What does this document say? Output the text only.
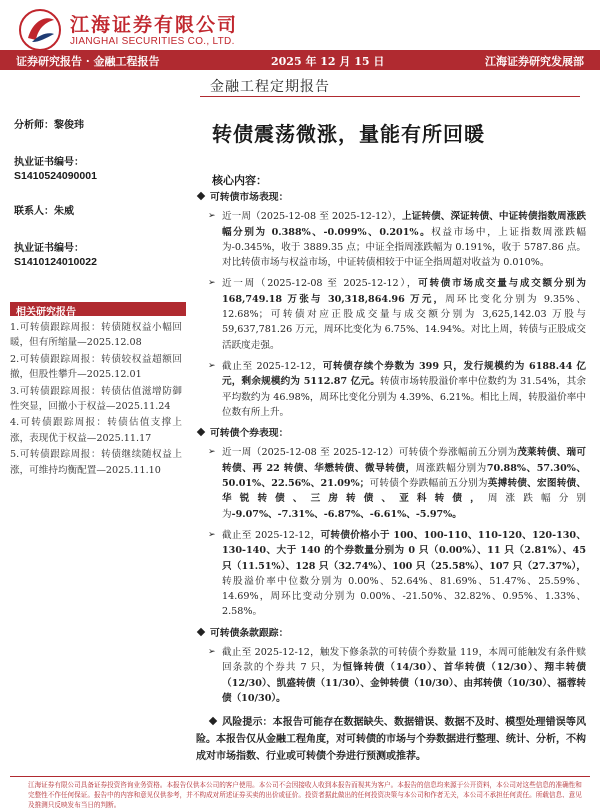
江海证券有限公司
JIANGHAI SECURITIES CO., LTD.
证券研究报告 · 金融工程报告	2025 年 12 月 15 日	江海证券研究发展部
金融工程定期报告
分析师：黎俊玮
执业证书编号：
S1410524090001
联系人：朱威
执业证书编号：
S1410124010022
相关研究报告
1.可转债跟踪周报：转债随权益小幅回暖，但有所缩量—2025.12.08
2.可转债跟踪周报：转债较权益超额回撤，但股性攀升—2025.12.01
3.可转债跟踪周报：转债估值滋增防御性突显，回撤小于权益—2025.11.24
4.可转债跟踪周报：转债估值支撑上涨，表现优于权益—2025.11.17
5.可转债跟踪周报：转债继续随权益上涨，可维持均衡配置—2025.11.10
转债震荡微涨，量能有所回暖
核心内容：
可转债市场表现：
➢ 近一周（2025-12-08 至 2025-12-12），上证转债、深证转债、中证转债指数周涨跌幅分别为 0.388%、-0.099%、0.201%。权益市场中，上证指数周涨跌幅为-0.345%，收于 3889.35 点；中证全指周涨跌幅为 0.191%，收于 5787.86 点。对比转债市场与权益市场，中证转债相较于中证全指周超对收益为 0.010%。
➢ 近一周（2025-12-08 至 2025-12-12），可转债市场成交量与成交额分别为 168,749.18 万张与 30,318,864.96 万元，周环比变化分别为 9.35%、12.68%；可转债对应正股成交量与成交额分别为 3,625,142.03 万股与 59,637,781.26 万元，周环比变化为 6.75%、14.94%。对比上周，转债与正股成交活跃度走强。
➢ 截止至 2025-12-12，可转债存续个券数为 399 只，发行规模约为 6188.44 亿元，剩余规模约为 5112.87 亿元。转债市场转股溢价率中位数约为 31.54%，其余平均数约为 46.98%，周环比变化分别为 4.39%、6.21%。相比上周，转股溢价率中位数有所上升。
可转债个券表现：
➢ 近一周（2025-12-08 至 2025-12-12）可转债个券涨幅前五分别为茂莱转债、瑞可转债、再 22 转债、华懋转债、微导转债，周涨跌幅分别为70.88%、57.30%、50.01%、22.56%、21.09%；可转债个券跌幅前五分别为英搏转债、宏图转债、华锐转债、三房转债、亚科转债，周涨跌幅分别为-9.07%、-7.31%、-6.87%、-6.61%、-5.97%。
➢ 截止至 2025-12-12，可转债价格小于 100、100-110、110-120、120-130、130-140、大于 140 的个券数量分别为 0 只（0.00%）、11 只（2.81%）、45 只（11.51%）、128 只（32.74%）、100 只（25.58%）、107 只（27.37%），转股溢价率中位数分别为 0.00%、52.64%、81.69%、51.47%、25.59%、14.69%，周环比变动分别为 0.00%、-21.50%、32.82%、0.95%、1.33%、2.58%。
可转债条款跟踪：
➢ 截止至 2025-12-12，触发下修条款的可转债个券数量 119，本周可能触发有条件赎回条款的个券共 7 只，为恒锋转债（14/30）、首华转债（12/30）、翔丰转债（12/30）、凯盛转债（11/30）、金钟转债（10/30）、由邦转债（10/30）、福蓉转债（10/30）。
风险提示：本报告可能存在数据缺失、数据错误、数据不及时、模型处理错误等风险。本报告仅从金融工程角度，对可转债的市场与个券数据进行整理、统计、分析，不构成对市场指数、行业或可转债个券进行预测或推荐。
江海证券有限公司具备证券投资咨询业务资格。本报告仅供本公司的客户使用。本公司不会因接收人收到本报告而视其为客户。本报告的信息均来源于公开资料，本公司对这些信息的准确性和完整性不作任何保证。报告中的内容和意见仅供参考，并不构成对所述证券买卖的出价或征价。投资者据此做出的任何投资决策与本公司和作者无关，本公司不承担任何责任。所载信息、意见及推测只反映发布当日的判断。
